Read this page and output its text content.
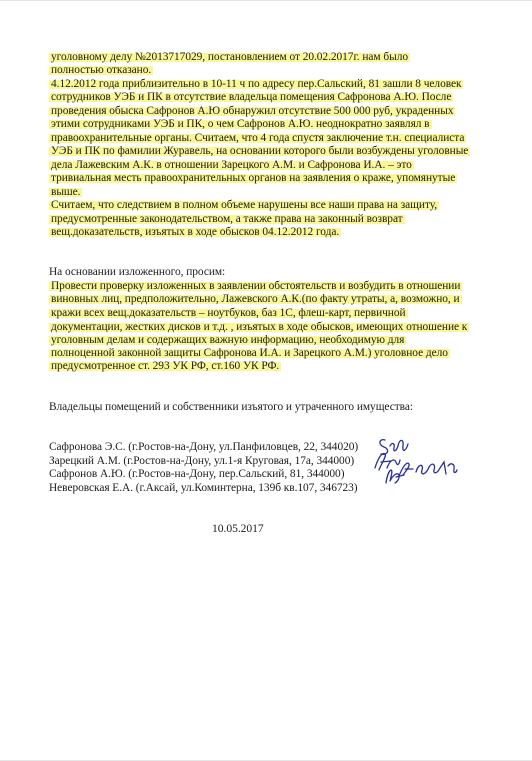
уголовному делу №2013717029, постановлением от 20.02.2017г. нам было
полностью отказано.
4.12.2012 года приблизительно в 10-11 ч по адресу пер.Сальский, 81 зашли 8 человек
сотрудников УЭБ и ПК в отсутствие владельца помещения Сафронова А.Ю. После
проведения обыска Сафронов А.Ю обнаружил отсутствие 500 000 руб, украденных
этими сотрудниками УЭБ и ПК, о чем Сафронов А.Ю. неоднократно заявлял в
правоохранительные органы. Считаем, что 4 года спустя заключение т.н. специалиста
УЭБ и ПК по фамилии Журавель, на основании которого были возбуждены уголовные
дела Лажевским А.К. в отношении Зарецкого А.М. и Сафронова И.А. – это
тривиальная месть правоохранительных органов на заявления о краже, упомянутые
выше.
Считаем, что следствием в полном объеме нарушены все наши права на защиту,
предусмотренные законодательством, а также права на законный возврат
вещ.доказательств, изъятых в ходе обысков 04.12.2012 года.
На основании изложенного, просим:
Провести проверку изложенных в заявлении обстоятельств и возбудить в отношении
виновных лиц, предположительно, Лажевского А.К.(по факту утраты, а, возможно, и
кражи всех вещ.доказательств – ноутбуков, баз 1С, флеш-карт, первичной
документации, жестких дисков и т.д. , изъятых в ходе обысков, имеющих отношение к
уголовным делам и содержащих важную информацию, необходимую для
полноценной законной защиты Сафронова И.А. и Зарецкого А.М.) уголовное дело
предусмотренное ст. 293 УК РФ, ст.160 УК РФ.
Владельцы помещений и собственники изъятого и утраченного имущества:
Сафронова Э.С. (г.Ростов-на-Дону, ул.Панфиловцев, 22, 344020)
Зарецкий А.М. (г.Ростов-на-Дону, ул.1-я Круговая, 17а, 344000)
Сафронов А.Ю. (г.Ростов-на-Дону, пер.Сальский, 81, 344000)
Неверовская Е.А. (г.Аксай, ул.Коминтерна, 139б кв.107, 346723)
10.05.2017
